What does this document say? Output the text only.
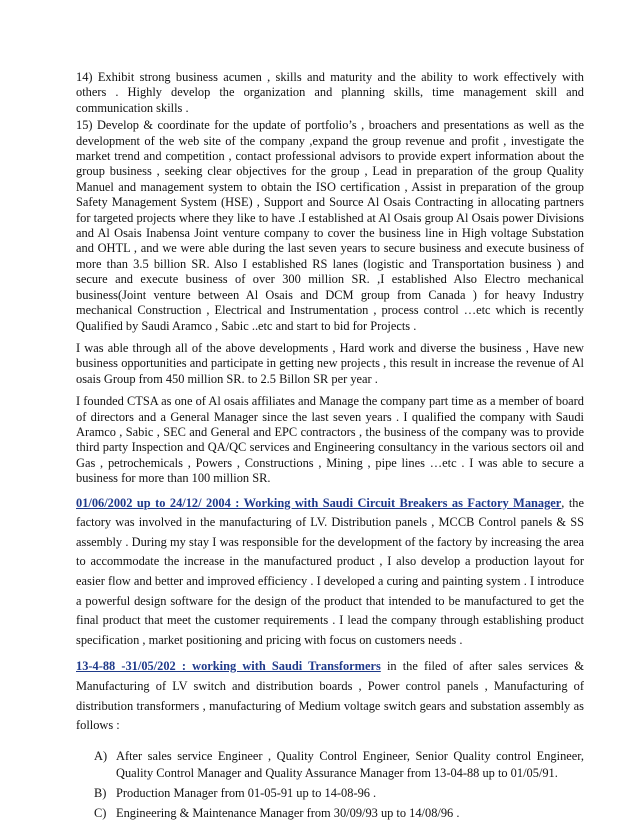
14) Exhibit strong business acumen , skills and maturity and the ability to work effectively with others . Highly develop the organization and planning skills, time management skill and communication skills .

15) Develop & coordinate for the update of portfolio’s , broachers and presentations as well as the development of the web site of the company ,expand the group revenue and profit , investigate the market trend and competition , contact professional advisors to provide expert information about the group business , seeking clear objectives for the group , Lead in preparation of the group Quality Manuel and management system to obtain the ISO certification , Assist in preparation of the group Safety Management System (HSE) , Support and Source Al Osais Contracting in allocating partners for targeted projects where they like to have .I established at Al Osais group Al Osais power Divisions and Al Osais Inabensa Joint venture company to cover the business line in High voltage Substation and OHTL , and we were able during the last seven years to secure business and execute business of more than 3.5 billion SR. Also I established RS lanes (logistic and Transportation business ) and secure and execute business of over 300 million SR. ,I established Also Electro mechanical business(Joint venture between Al Osais and DCM group from Canada ) for heavy Industry mechanical Construction , Electrical and Instrumentation , process control …etc which is recently Qualified by Saudi Aramco , Sabic ..etc and start to bid for Projects .

I was able through all of the above developments , Hard work and diverse the business , Have new business opportunities and participate in getting new projects , this result in increase the revenue of Al osais Group from 450 million SR. to 2.5 Billon SR per year .

I founded CTSA as one of Al osais affiliates and Manage the company part time as a member of board of directors and a General Manager since the last seven years . I qualified the company with Saudi Aramco , Sabic , SEC and General and EPC contractors , the business of the company was to provide third party Inspection and QA/QC services and Engineering consultancy in the various sectors oil and Gas , petrochemicals , Powers , Constructions , Mining , pipe lines …etc . I was able to secure a business for more than 100 million SR.

01/06/2002 up to 24/12/ 2004 : Working with Saudi Circuit Breakers as Factory Manager, the factory was involved in the manufacturing of LV. Distribution panels , MCCB Control panels & SS assembly . During my stay I was responsible for the development of the factory by increasing the area to accommodate the increase in the manufactured product , I also develop a production layout for easier flow and better and improved efficiency . I developed a curing and painting system . I introduce a powerful design software for the design of the product that intended to be manufactured to get the final product that meet the customer requirements . I lead the company through establishing product specification , market positioning and pricing with focus on customers needs .

13-4-88 -31/05/202 : working with Saudi Transformers in the filed of after sales services & Manufacturing of LV switch and distribution boards , Power control panels , Manufacturing of distribution transformers , manufacturing of Medium voltage switch gears and substation assembly as follows :

A) After sales service Engineer , Quality Control Engineer, Senior Quality control Engineer, Quality Control Manager and Quality Assurance Manager from 13-04-88 up to 01/05/91.
B) Production Manager from 01-05-91 up to 14-08-96 .
C) Engineering & Maintenance Manager from 30/09/93 up to 14/08/96 .
